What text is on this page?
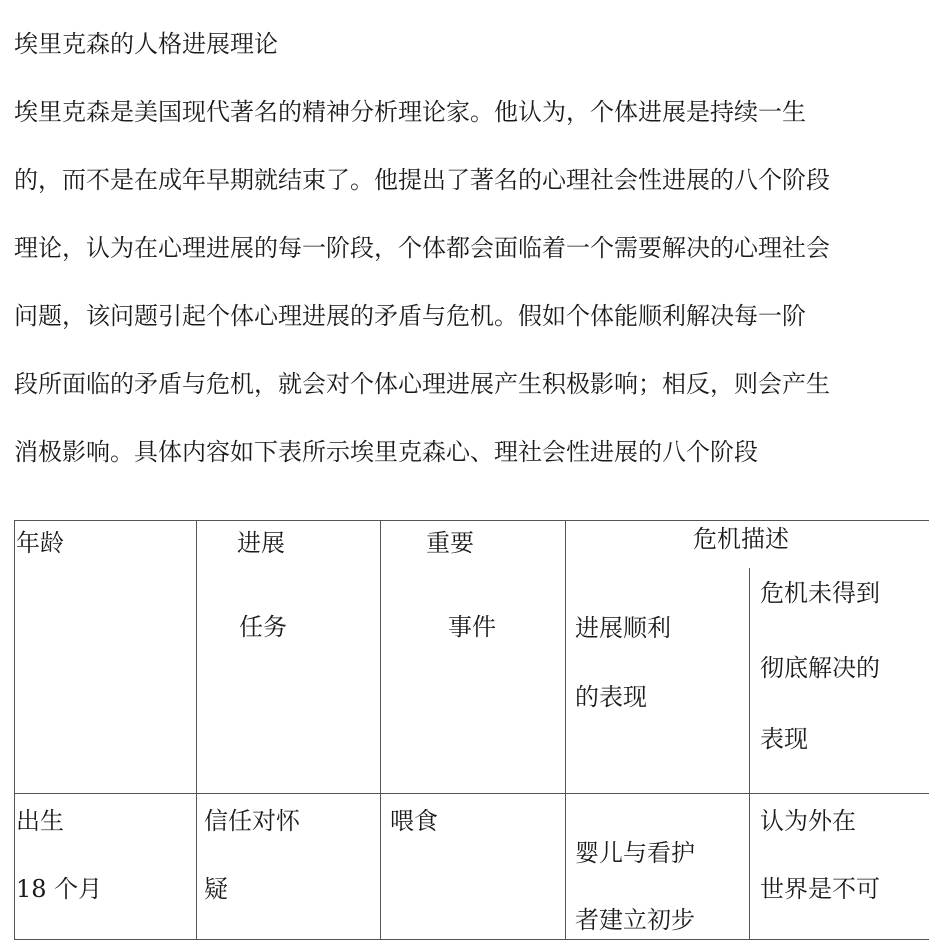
埃里克森的人格进展理论
埃里克森是美国现代著名的精神分析理论家。他认为，个体进展是持续一生
的，而不是在成年早期就结束了。他提出了著名的心理社会性进展的八个阶段
理论，认为在心理进展的每一阶段，个体都会面临着一个需要解决的心理社会
问题，该问题引起个体心理进展的矛盾与危机。假如个体能顺利解决每一阶
段所面临的矛盾与危机，就会对个体心理进展产生积极影响；相反，则会产生
消极影响。具体内容如下表所示埃里克森心、理社会性进展的八个阶段
年龄	进展
任务
重要
事件
危机描述
进展顺利
的表现
危机未得到
彻底解决的
表现
出生
18 个月
信任对怀
疑
喂食
婴儿与看护
者建立初步
认为外在
世界是不可
